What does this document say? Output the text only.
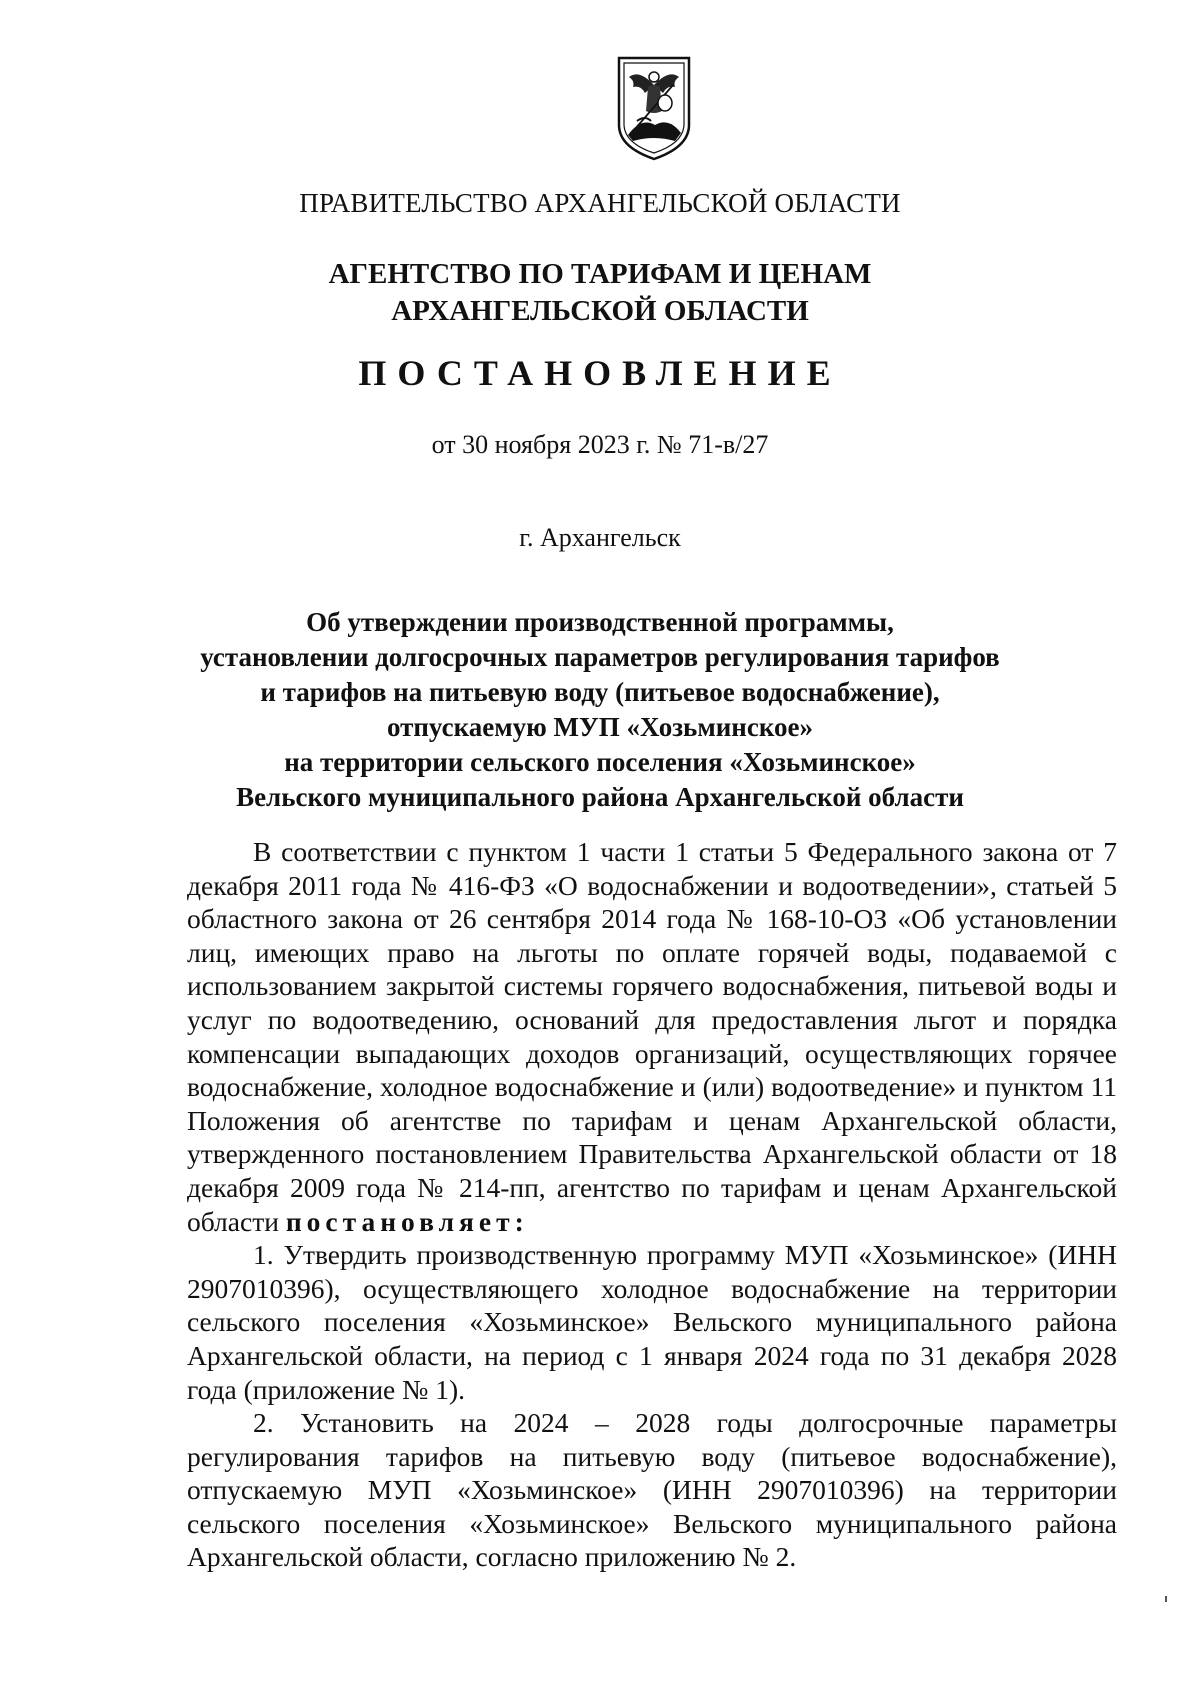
ПРАВИТЕЛЬСТВО АРХАНГЕЛЬСКОЙ ОБЛАСТИ
АГЕНТСТВО ПО ТАРИФАМ И ЦЕНАМ
АРХАНГЕЛЬСКОЙ ОБЛАСТИ
ПОСТАНОВЛЕНИЕ
от 30 ноября 2023 г. № 71-в/27
г. Архангельск
Об утверждении производственной программы,
установлении долгосрочных параметров регулирования тарифов
и тарифов на питьевую воду (питьевое водоснабжение),
отпускаемую МУП «Хозьминское»
на территории сельского поселения «Хозьминское»
Вельского муниципального района Архангельской области

В соответствии с пунктом 1 части 1 статьи 5 Федерального закона от 7 декабря 2011 года № 416-ФЗ «О водоснабжении и водоотведении», статьей 5 областного закона от 26 сентября 2014 года № 168-10-ОЗ «Об установлении лиц, имеющих право на льготы по оплате горячей воды, подаваемой с использованием закрытой системы горячего водоснабжения, питьевой воды и услуг по водоотведению, оснований для предоставления льгот и порядка компенсации выпадающих доходов организаций, осуществляющих горячее водоснабжение, холодное водоснабжение и (или) водоотведение» и пунктом 11 Положения об агентстве по тарифам и ценам Архангельской области, утвержденного постановлением Правительства Архангельской области от 18 декабря 2009 года № 214-пп, агентство по тарифам и ценам Архангельской области постановляет:

1. Утвердить производственную программу МУП «Хозьминское» (ИНН 2907010396), осуществляющего холодное водоснабжение на территории сельского поселения «Хозьминское» Вельского муниципального района Архангельской области, на период с 1 января 2024 года по 31 декабря 2028 года (приложение № 1).

2. Установить на 2024 – 2028 годы долгосрочные параметры регулирования тарифов на питьевую воду (питьевое водоснабжение), отпускаемую МУП «Хозьминское» (ИНН 2907010396) на территории сельского поселения «Хозьминское» Вельского муниципального района Архангельской области, согласно приложению № 2.
